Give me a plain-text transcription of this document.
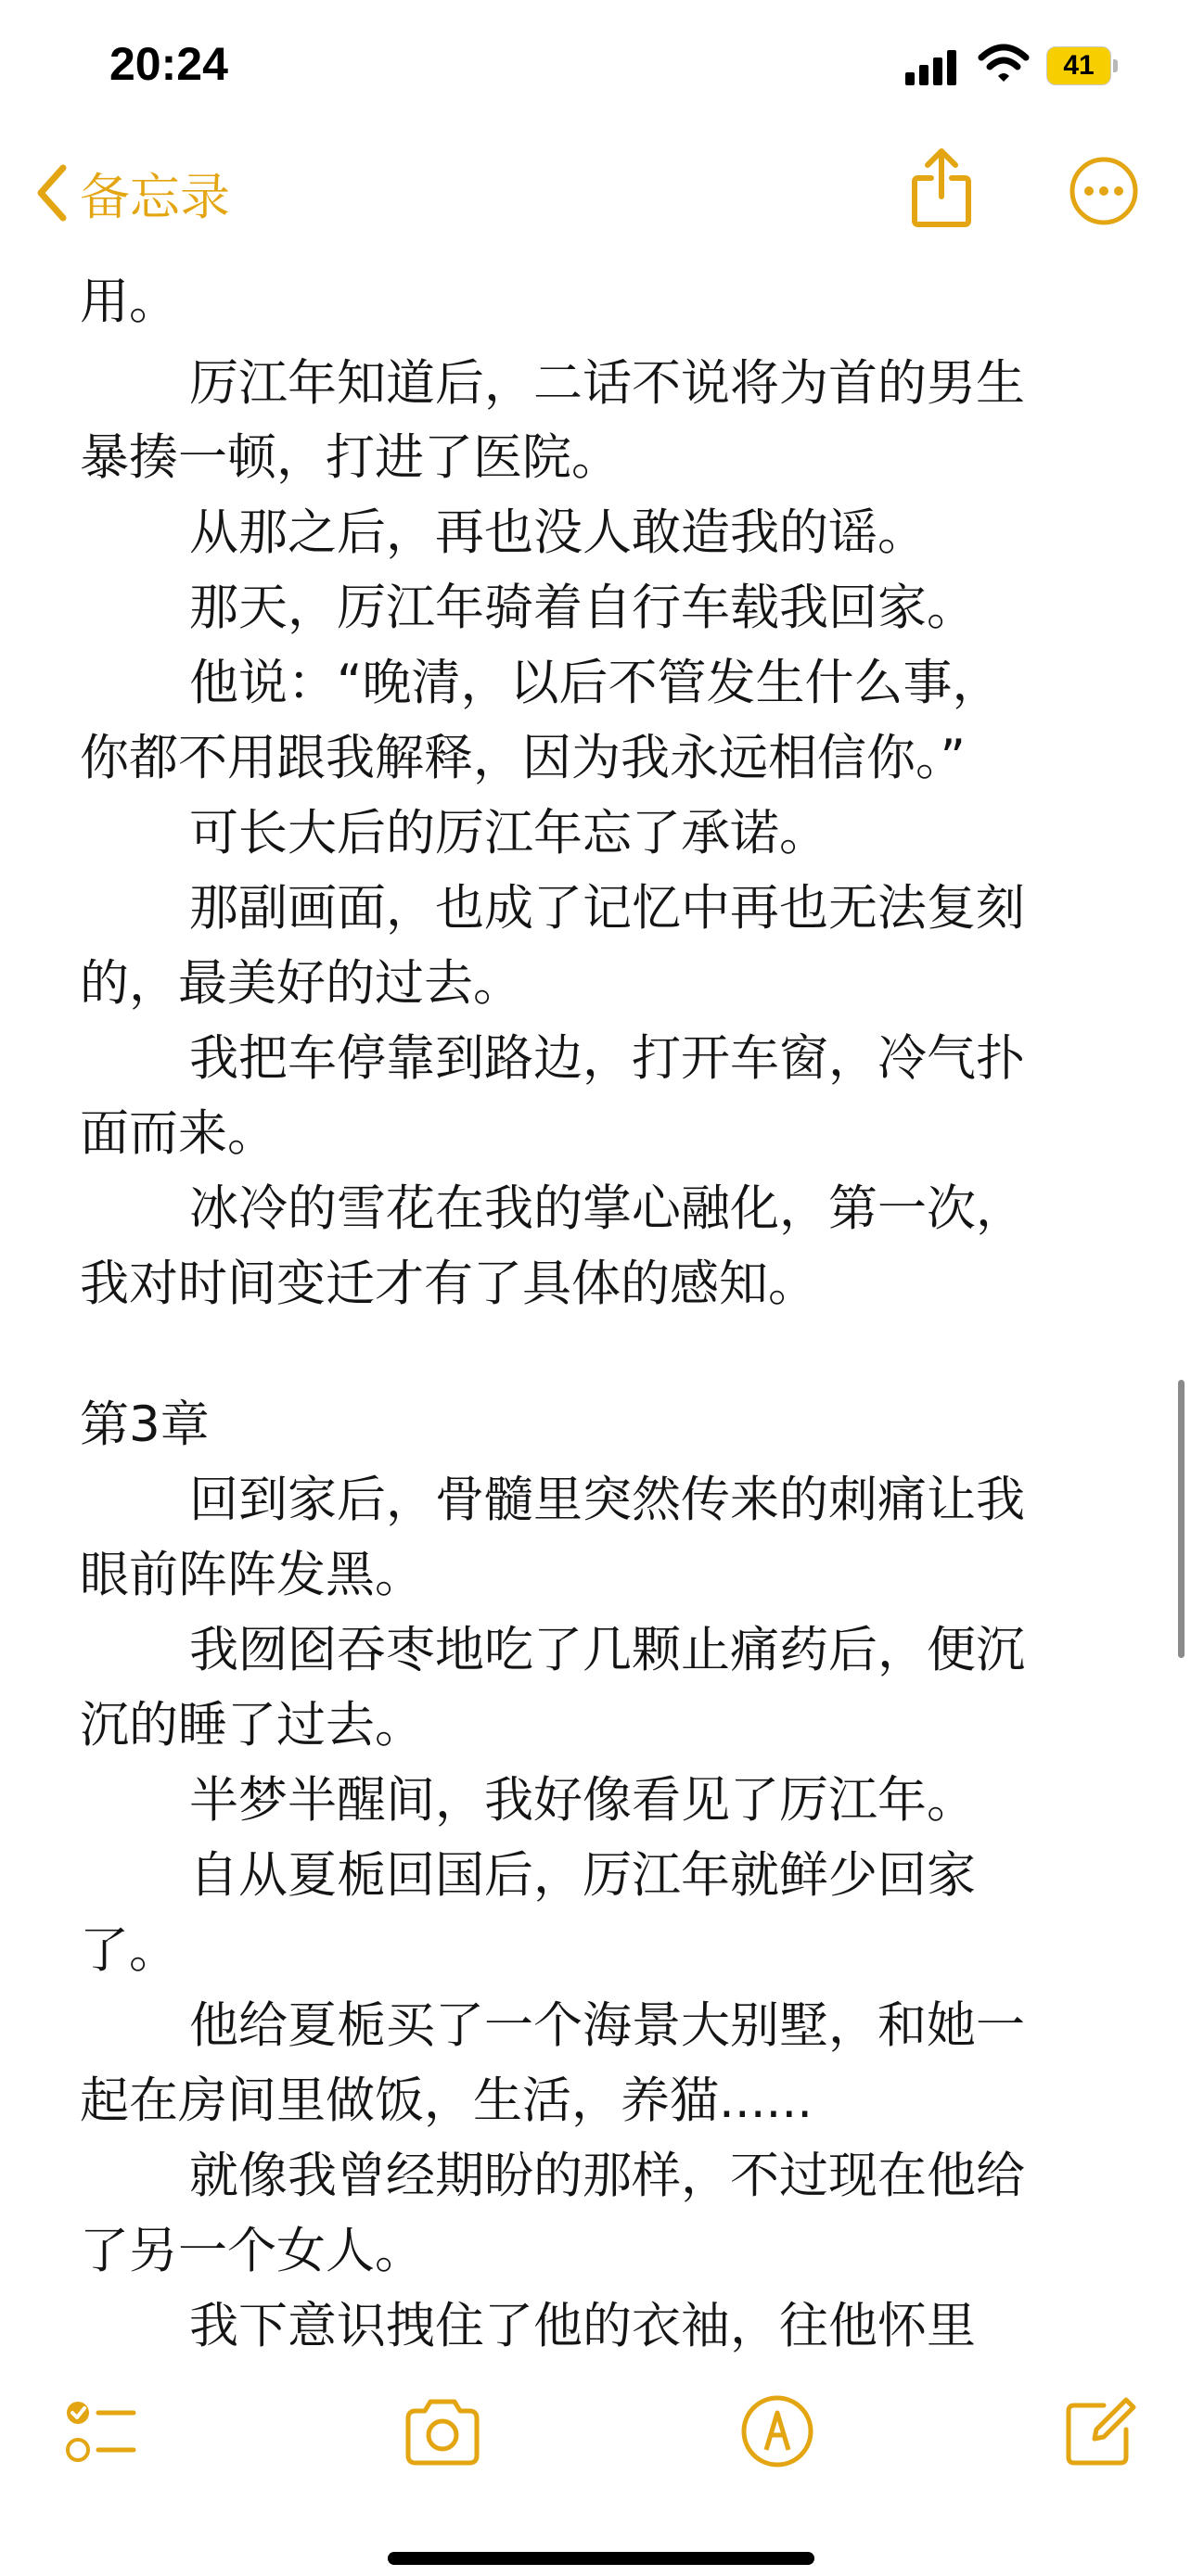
用。
厉江年知道后，二话不说将为首的男生
暴揍一顿，打进了医院。
从那之后，再也没人敢造我的谣。
那天，厉江年骑着自行车载我回家。
他说：“晚清，以后不管发生什么事，
你都不用跟我解释，因为我永远相信你。”
可长大后的厉江年忘了承诺。
那副画面，也成了记忆中再也无法复刻
的，最美好的过去。
我把车停靠到路边，打开车窗，冷气扑
面而来。
冰冷的雪花在我的掌心融化，第一次，
我对时间变迁才有了具体的感知。
第3章
回到家后，骨髓里突然传来的刺痛让我
眼前阵阵发黑。
我囫囵吞枣地吃了几颗止痛药后，便沉
沉的睡了过去。
半梦半醒间，我好像看见了厉江年。
自从夏栀回国后，厉江年就鲜少回家
了。
他给夏栀买了一个海景大别墅，和她一
起在房间里做饭，生活，养猫......
就像我曾经期盼的那样，不过现在他给
了另一个女人。
我下意识拽住了他的衣袖，往他怀里
20:24	41
备忘录
